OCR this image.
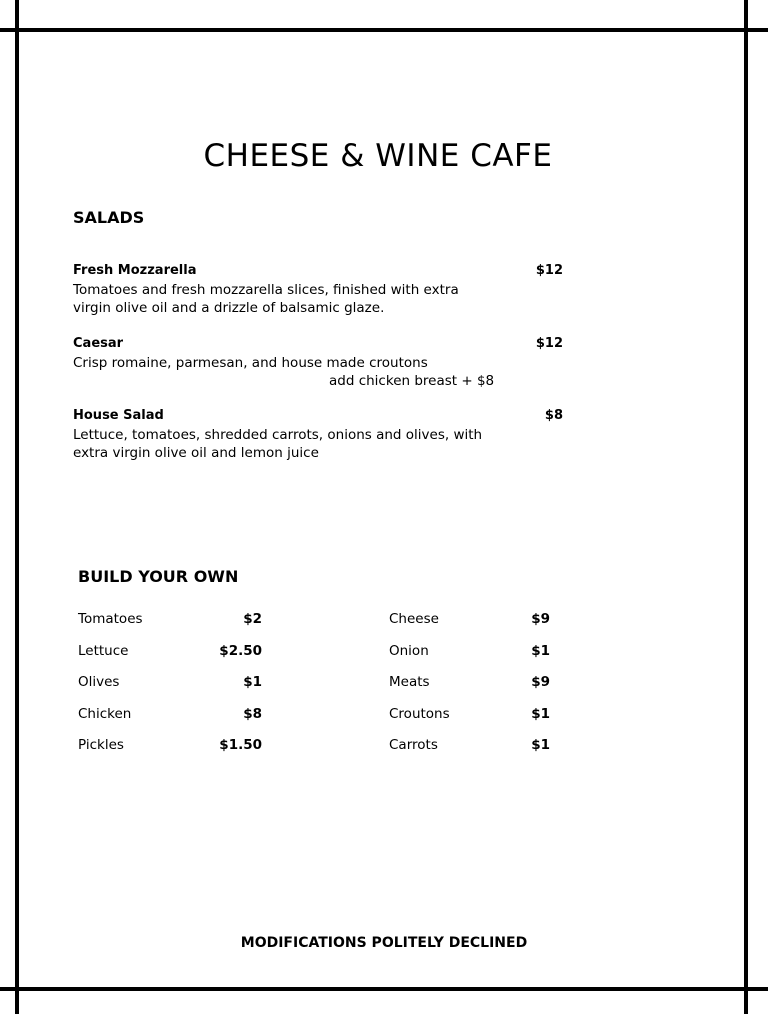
CHEESE & WINE CAFE
SALADS
Fresh Mozzarella	$12
Tomatoes and fresh mozzarella slices, finished with extra virgin olive oil and a drizzle of balsamic glaze.
Caesar	$12
Crisp romaine, parmesan, and house made croutons
add chicken breast + $8
House Salad	$8
Lettuce, tomatoes, shredded carrots, onions and olives, with extra virgin olive oil and lemon juice
BUILD YOUR OWN
Tomatoes	$2
Lettuce	$2.50
Olives	$1
Chicken	$8
Pickles	$1.50
Cheese	$9
Onion	$1
Meats	$9
Croutons	$1
Carrots	$1
MODIFICATIONS POLITELY DECLINED
